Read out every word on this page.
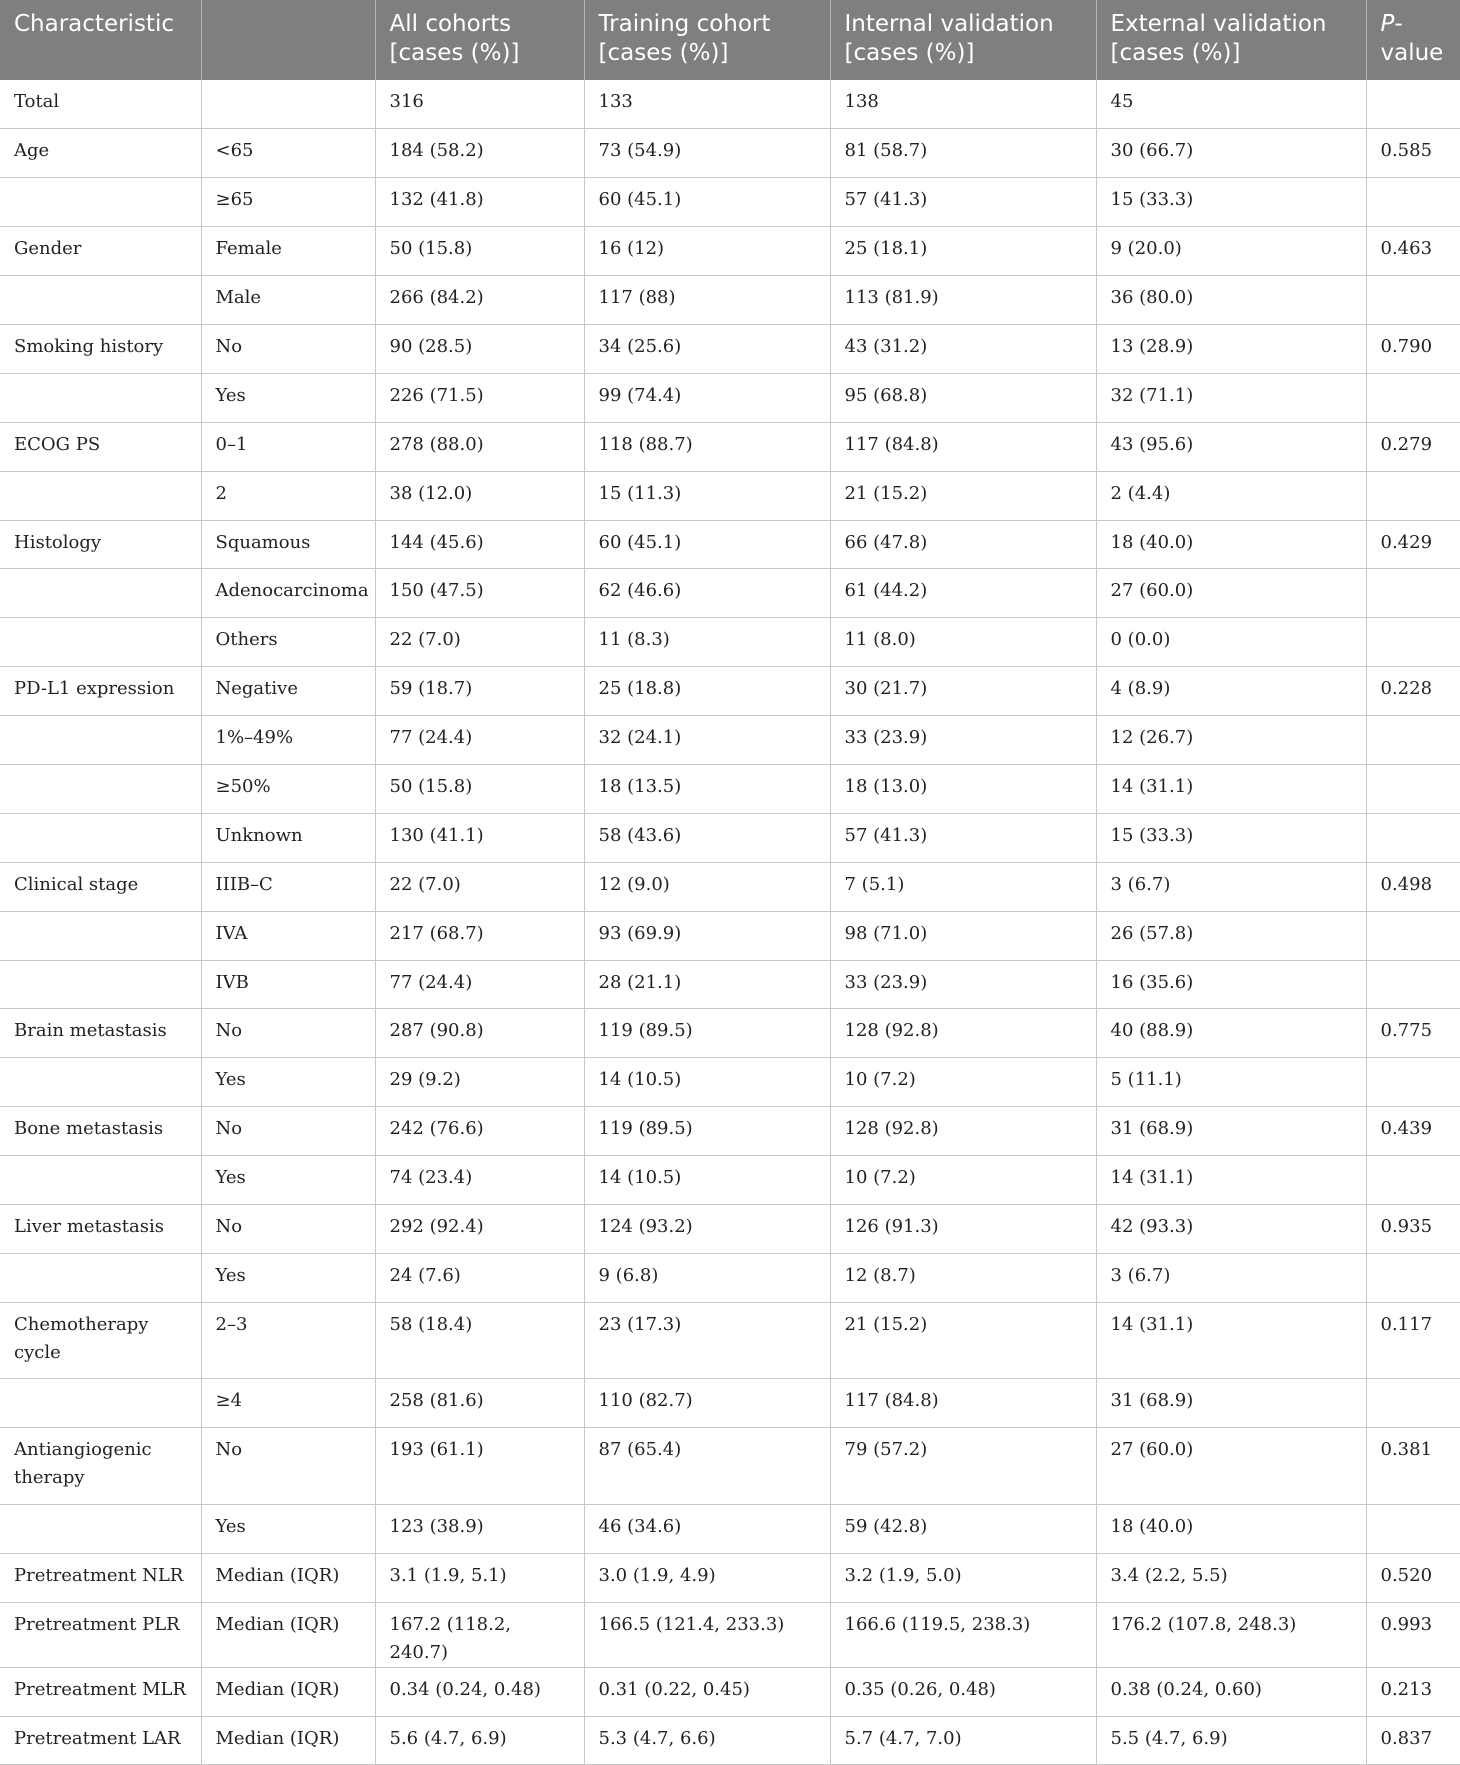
Characteristic		All cohorts [cases (%)]	Training cohort [cases (%)]	Internal validation [cases (%)]	External validation [cases (%)]	P-value
Total		316	133	138	45	
Age	<65	184 (58.2)	73 (54.9)	81 (58.7)	30 (66.7)	0.585
	≥65	132 (41.8)	60 (45.1)	57 (41.3)	15 (33.3)	
Gender	Female	50 (15.8)	16 (12)	25 (18.1)	9 (20.0)	0.463
	Male	266 (84.2)	117 (88)	113 (81.9)	36 (80.0)	
Smoking history	No	90 (28.5)	34 (25.6)	43 (31.2)	13 (28.9)	0.790
	Yes	226 (71.5)	99 (74.4)	95 (68.8)	32 (71.1)	
ECOG PS	0–1	278 (88.0)	118 (88.7)	117 (84.8)	43 (95.6)	0.279
	2	38 (12.0)	15 (11.3)	21 (15.2)	2 (4.4)	
Histology	Squamous	144 (45.6)	60 (45.1)	66 (47.8)	18 (40.0)	0.429
	Adenocarcinoma	150 (47.5)	62 (46.6)	61 (44.2)	27 (60.0)	
	Others	22 (7.0)	11 (8.3)	11 (8.0)	0 (0.0)	
PD-L1 expression	Negative	59 (18.7)	25 (18.8)	30 (21.7)	4 (8.9)	0.228
	1%–49%	77 (24.4)	32 (24.1)	33 (23.9)	12 (26.7)	
	≥50%	50 (15.8)	18 (13.5)	18 (13.0)	14 (31.1)	
	Unknown	130 (41.1)	58 (43.6)	57 (41.3)	15 (33.3)	
Clinical stage	IIIB–C	22 (7.0)	12 (9.0)	7 (5.1)	3 (6.7)	0.498
	IVA	217 (68.7)	93 (69.9)	98 (71.0)	26 (57.8)	
	IVB	77 (24.4)	28 (21.1)	33 (23.9)	16 (35.6)	
Brain metastasis	No	287 (90.8)	119 (89.5)	128 (92.8)	40 (88.9)	0.775
	Yes	29 (9.2)	14 (10.5)	10 (7.2)	5 (11.1)	
Bone metastasis	No	242 (76.6)	119 (89.5)	128 (92.8)	31 (68.9)	0.439
	Yes	74 (23.4)	14 (10.5)	10 (7.2)	14 (31.1)	
Liver metastasis	No	292 (92.4)	124 (93.2)	126 (91.3)	42 (93.3)	0.935
	Yes	24 (7.6)	9 (6.8)	12 (8.7)	3 (6.7)	
Chemotherapy cycle	2–3	58 (18.4)	23 (17.3)	21 (15.2)	14 (31.1)	0.117
	≥4	258 (81.6)	110 (82.7)	117 (84.8)	31 (68.9)	
Antiangiogenic therapy	No	193 (61.1)	87 (65.4)	79 (57.2)	27 (60.0)	0.381
	Yes	123 (38.9)	46 (34.6)	59 (42.8)	18 (40.0)	
Pretreatment NLR	Median (IQR)	3.1 (1.9, 5.1)	3.0 (1.9, 4.9)	3.2 (1.9, 5.0)	3.4 (2.2, 5.5)	0.520
Pretreatment PLR	Median (IQR)	167.2 (118.2, 240.7)	166.5 (121.4, 233.3)	166.6 (119.5, 238.3)	176.2 (107.8, 248.3)	0.993
Pretreatment MLR	Median (IQR)	0.34 (0.24, 0.48)	0.31 (0.22, 0.45)	0.35 (0.26, 0.48)	0.38 (0.24, 0.60)	0.213
Pretreatment LAR	Median (IQR)	5.6 (4.7, 6.9)	5.3 (4.7, 6.6)	5.7 (4.7, 7.0)	5.5 (4.7, 6.9)	0.837
